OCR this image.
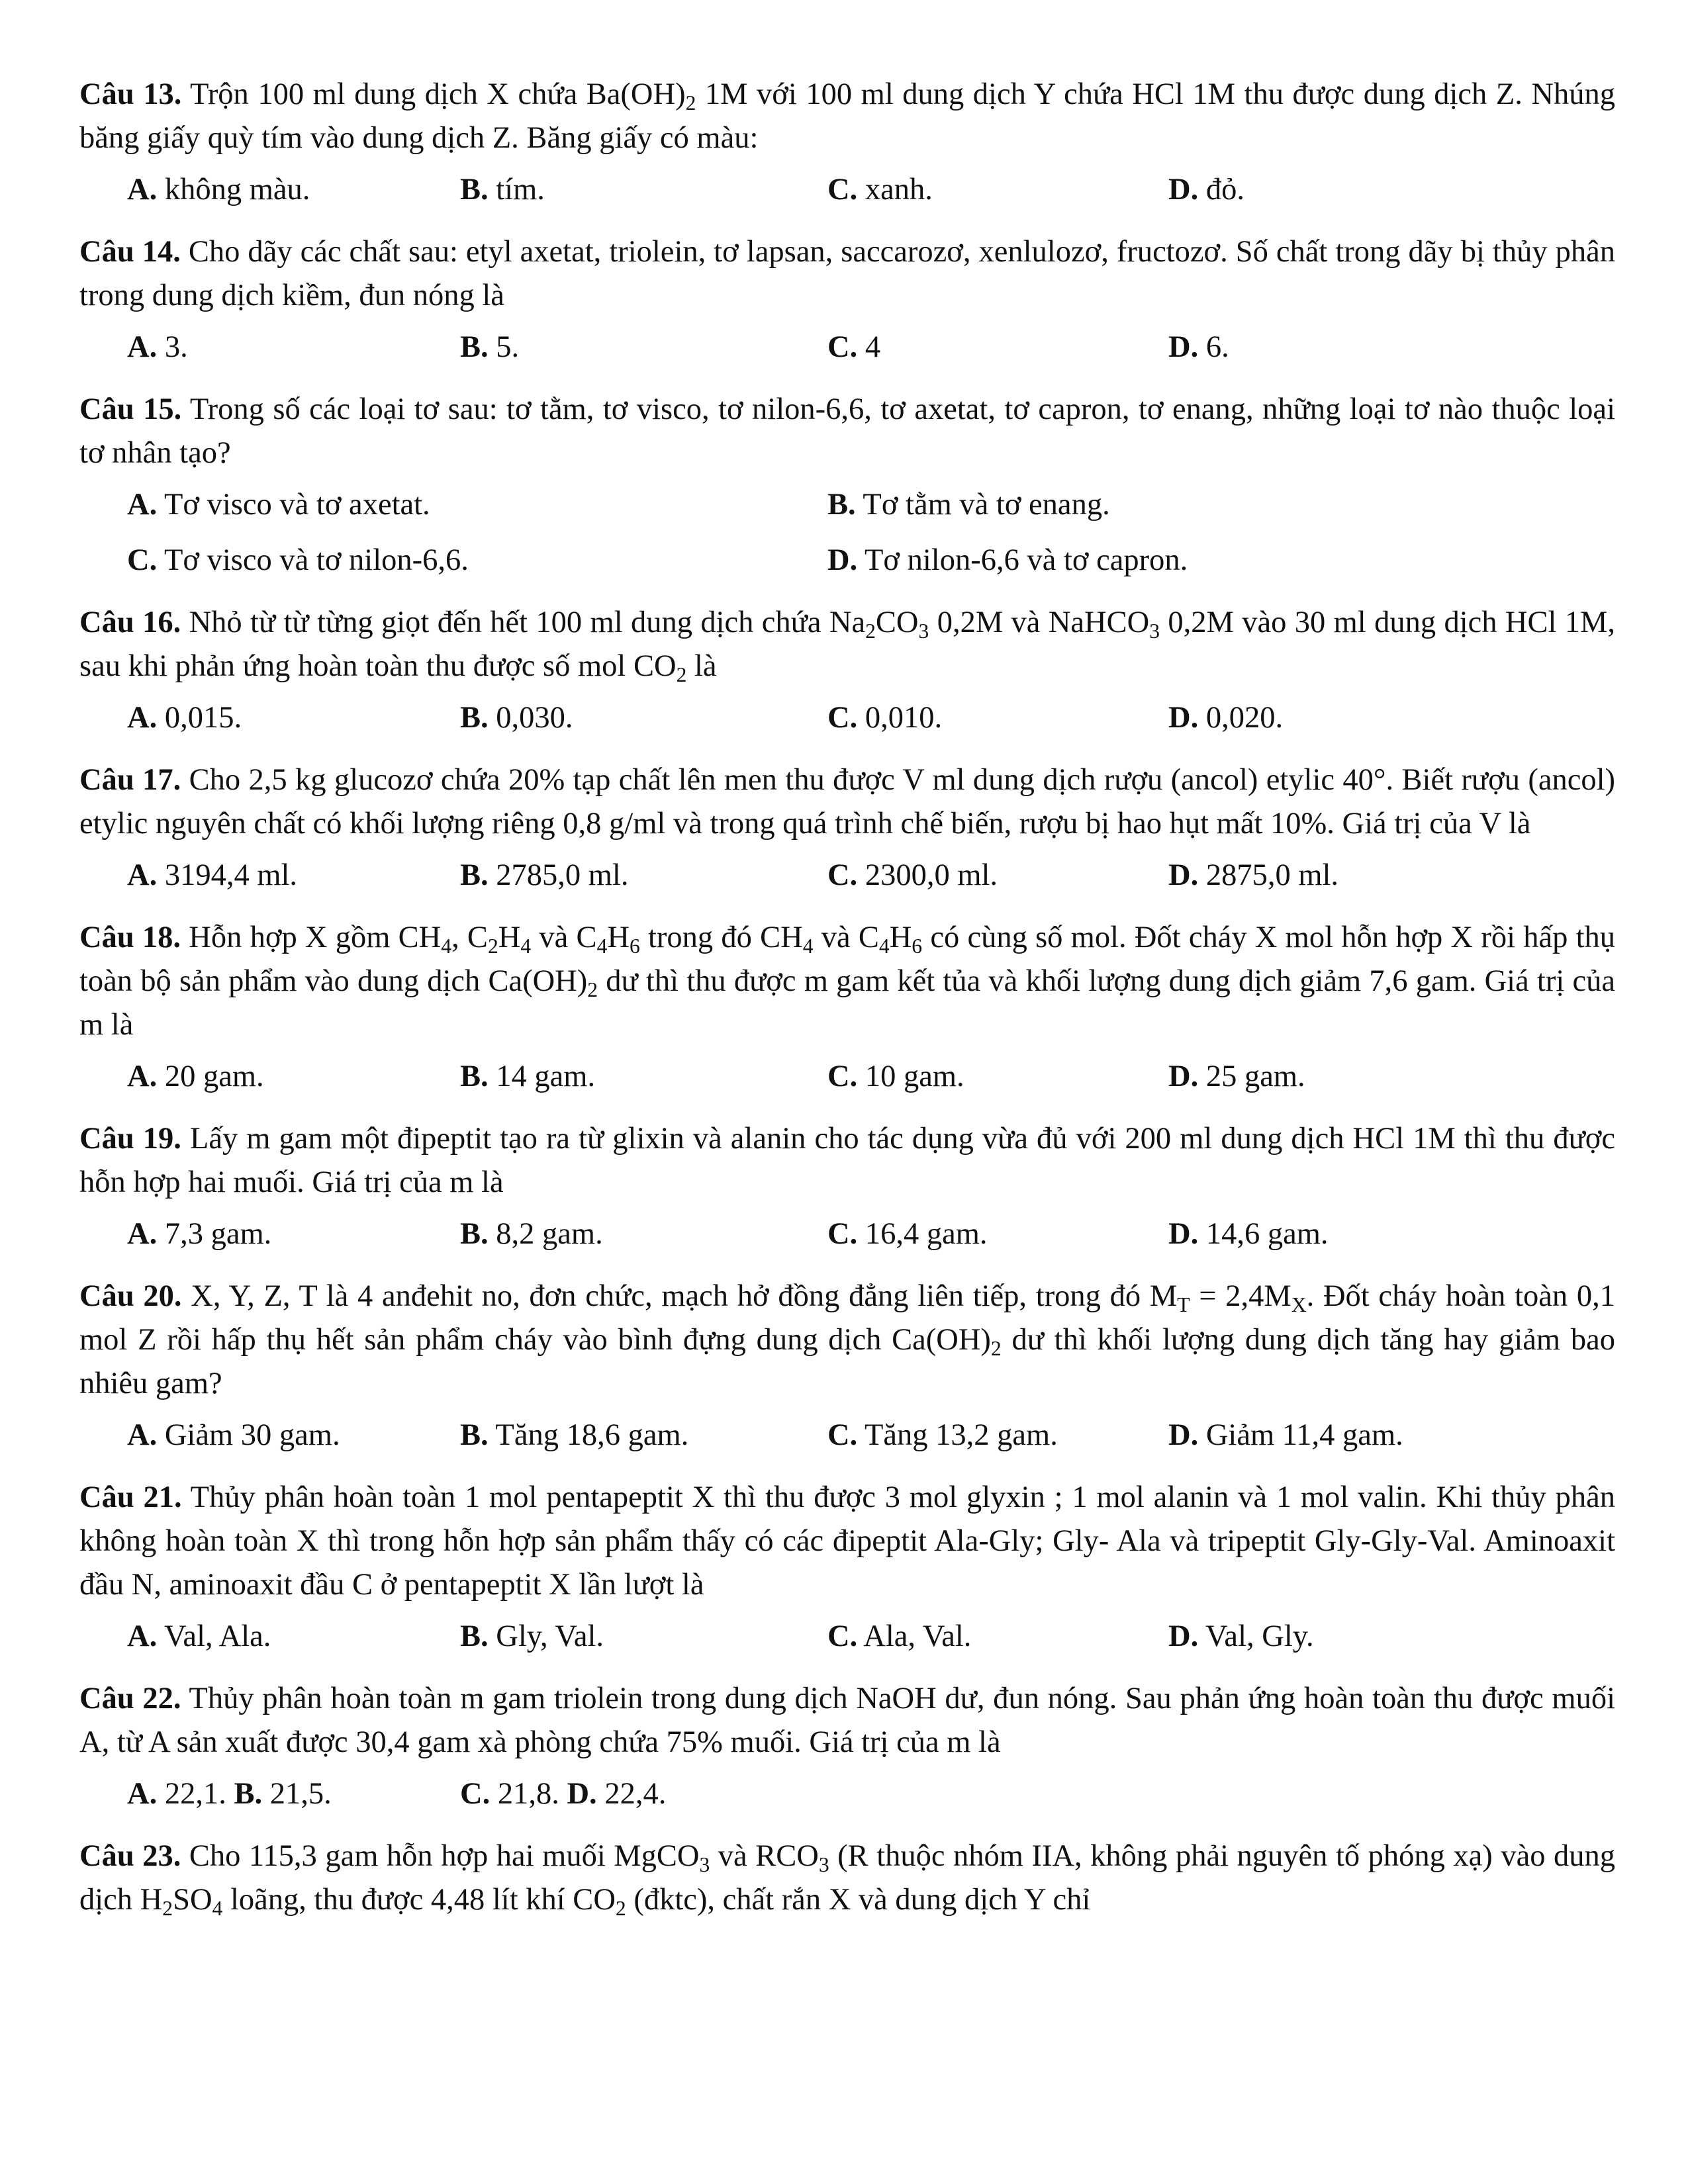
Câu 13. Trộn 100 ml dung dịch X chứa $Ba(OH)_2$ 1M với 100 ml dung dịch Y chứa HCl 1M thu được dung dịch Z. Nhúng băng giấy quỳ tím vào dung dịch Z. Băng giấy có màu:

A. không màu.	B. tím.	C. xanh.	D. đỏ.

Câu 14. Cho dãy các chất sau: etyl axetat, triolein, tơ lapsan, saccarozơ, xenlulozơ, fructozơ. Số chất trong dãy bị thủy phân trong dung dịch kiềm, đun nóng là

A. 3.	B. 5.	C. 4	D. 6.

Câu 15. Trong số các loại tơ sau: tơ tằm, tơ visco, tơ nilon-6,6, tơ axetat, tơ capron, tơ enang, những loại tơ nào thuộc loại tơ nhân tạo?

A. Tơ visco và tơ axetat.	B. Tơ tằm và tơ enang.
C. Tơ visco và tơ nilon-6,6.	D. Tơ nilon-6,6 và tơ capron.

Câu 16. Nhỏ từ từ từng giọt đến hết 100 ml dung dịch chứa $Na_2CO_3$ 0,2M và NaHCO$_3$ 0,2M vào 30 ml dung dịch HCl 1M, sau khi phản ứng hoàn toàn thu được số mol $CO_2$ là

A. 0,015.	B. 0,030.	C. 0,010.	D. 0,020.

Câu 17. Cho 2,5 kg glucozơ chứa 20% tạp chất lên men thu được V ml dung dịch rượu (ancol) etylic 40°. Biết rượu (ancol) etylic nguyên chất có khối lượng riêng 0,8 g/ml và trong quá trình chế biến, rượu bị hao hụt mất 10%. Giá trị của V là

A. 3194,4 ml.	B. 2785,0 ml.	C. 2300,0 ml.	D. 2875,0 ml.

Câu 18. Hỗn hợp X gồm $CH_4$, $C_2H_4$ và $C_4H_6$ trong đó $CH_4$ và $C_4H_6$ có cùng số mol. Đốt cháy X mol hỗn hợp X rồi hấp thụ toàn bộ sản phẩm vào dung dịch $Ca(OH)_2$ dư thì thu được m gam kết tủa và khối lượng dung dịch giảm 7,6 gam. Giá trị của m là

A. 20 gam.	B. 14 gam.	C. 10 gam.	D. 25 gam.

Câu 19. Lấy m gam một đipeptit tạo ra từ glixin và alanin cho tác dụng vừa đủ với 200 ml dung dịch HCl 1M thì thu được hỗn hợp hai muối. Giá trị của m là

A. 7,3 gam.	B. 8,2 gam.	C. 16,4 gam.	D. 14,6 gam.

Câu 20. X, Y, Z, T là 4 anđehit no, đơn chức, mạch hở đồng đẳng liên tiếp, trong đó $M_T = 2,4M_X$. Đốt cháy hoàn toàn 0,1 mol Z rồi hấp thụ hết sản phẩm cháy vào bình đựng dung dịch $Ca(OH)_2$ dư thì khối lượng dung dịch tăng hay giảm bao nhiêu gam?

A. Giảm 30 gam.	B. Tăng 18,6 gam.	C. Tăng 13,2 gam.	D. Giảm 11,4 gam.

Câu 21. Thủy phân hoàn toàn 1 mol pentapeptit X thì thu được 3 mol glyxin ; 1 mol alanin và 1 mol valin. Khi thủy phân không hoàn toàn X thì trong hỗn hợp sản phẩm thấy có các đipeptit Ala-Gly; Gly- Ala và tripeptit Gly-Gly-Val. Aminoaxit đầu N, aminoaxit đầu C ở pentapeptit X lần lượt là

A. Val, Ala.	B. Gly, Val.	C. Ala, Val.	D. Val, Gly.

Câu 22. Thủy phân hoàn toàn m gam triolein trong dung dịch NaOH dư, đun nóng. Sau phản ứng hoàn toàn thu được muối A, từ A sản xuất được 30,4 gam xà phòng chứa 75% muối. Giá trị của m là

A. 22,1. B. 21,5.	C. 21,8. D. 22,4.

Câu 23. Cho 115,3 gam hỗn hợp hai muối MgCO$_3$ và $RCO_3$ (R thuộc nhóm IIA, không phải nguyên tố phóng xạ) vào dung dịch $H_2SO_4$ loãng, thu được 4,48 lít khí $CO_2$ (đktc), chất rắn X và dung dịch Y chỉ
